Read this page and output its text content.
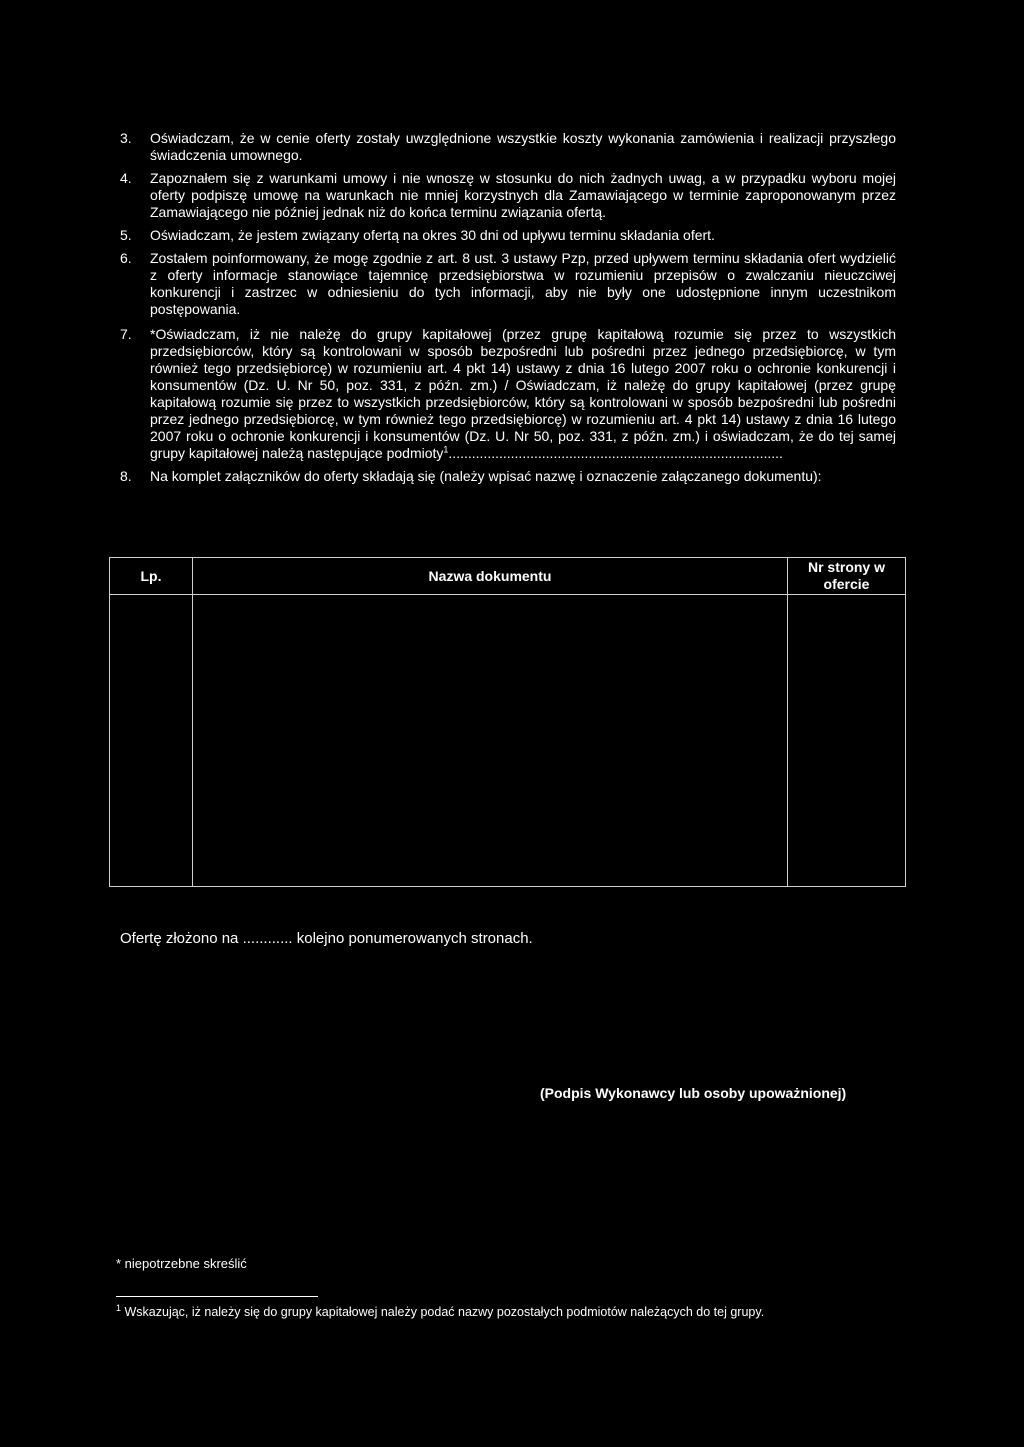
3. Oświadczam, że w cenie oferty zostały uwzględnione wszystkie koszty wykonania zamówienia i realizacji przyszłego świadczenia umownego.
4. Zapoznałem się z warunkami umowy i nie wnoszę w stosunku do nich żadnych uwag, a w przypadku wyboru mojej oferty podpiszę umowę na warunkach nie mniej korzystnych dla Zamawiającego w terminie zaproponowanym przez Zamawiającego nie później jednak niż do końca terminu związania ofertą.
5. Oświadczam, że jestem związany ofertą na okres 30 dni od upływu terminu składania ofert.
6. Zostałem poinformowany, że mogę zgodnie z art. 8 ust. 3 ustawy Pzp, przed upływem terminu składania ofert wydzielić z oferty informacje stanowiące tajemnicę przedsiębiorstwa w rozumieniu przepisów o zwalczaniu nieuczciwej konkurencji i zastrzec w odniesieniu do tych informacji, aby nie były one udostępnione innym uczestnikom postępowania.
7. *Oświadczam, iż nie należę do grupy kapitałowej (przez grupę kapitałową rozumie się przez to wszystkich przedsiębiorców, który są kontrolowani w sposób bezpośredni lub pośredni przez jednego przedsiębiorcę, w tym również tego przedsiębiorcę) w rozumieniu art. 4 pkt 14) ustawy z dnia 16 lutego 2007 roku o ochronie konkurencji i konsumentów (Dz. U. Nr 50, poz. 331, z późn. zm.) / Oświadczam, iż należę do grupy kapitałowej (przez grupę kapitałową rozumie się przez to wszystkich przedsiębiorców, który są kontrolowani w sposób bezpośredni lub pośredni przez jednego przedsiębiorcę, w tym również tego przedsiębiorcę) w rozumieniu art. 4 pkt 14) ustawy z dnia 16 lutego 2007 roku o ochronie konkurencji i konsumentów (Dz. U. Nr 50, poz. 331, z późn. zm.) i oświadczam, że do tej samej grupy kapitałowej należą następujące podmioty$^1$......................................................................................
8. Na komplet załączników do oferty składają się (należy wpisać nazwę i oznaczenie załączanego dokumentu):
Lp.	Nazwa dokumentu	Nr strony w ofercie

Ofertę złożono na ............ kolejno ponumerowanych stronach.
(Podpis Wykonawcy lub osoby upoważnionej)
* niepotrzebne skreślić
$^1$ Wskazując, iż należy się do grupy kapitałowej należy podać nazwy pozostałych podmiotów należących do tej grupy.
